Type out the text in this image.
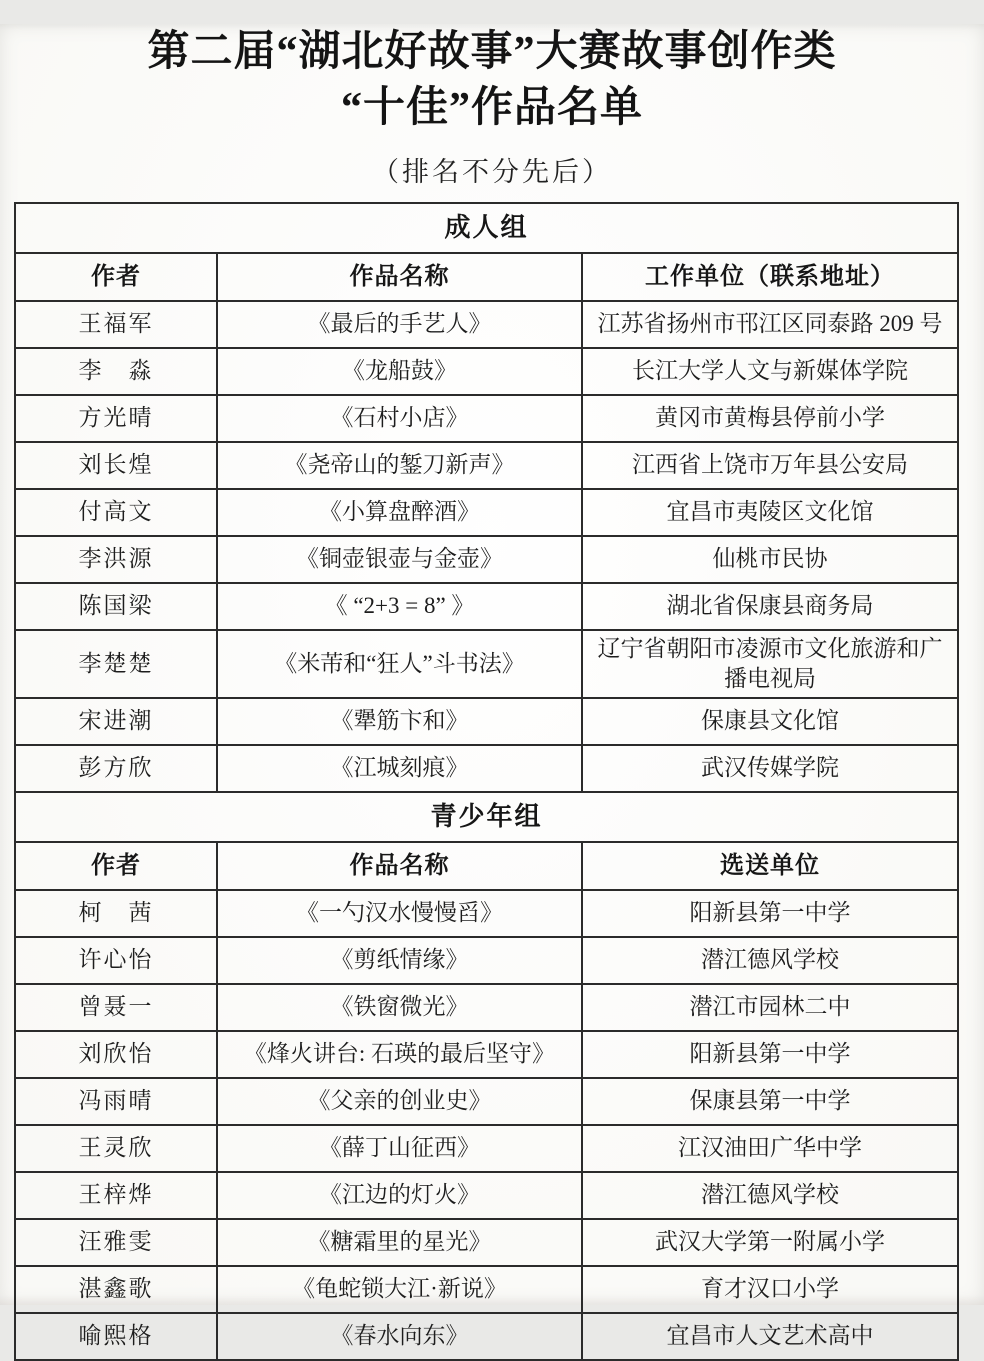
第二届“湖北好故事”大赛故事创作类
“十佳”作品名单
（排名不分先后）
成人组		
作者	作品名称	工作单位（联系地址）
王福军	《最后的手艺人》	江苏省扬州市邗江区同泰路 209 号
李　淼	《龙船鼓》	长江大学人文与新媒体学院
方光晴	《石村小店》	黄冈市黄梅县停前小学
刘长煌	《尧帝山的錾刀新声》	江西省上饶市万年县公安局
付高文	《小算盘醉酒》	宜昌市夷陵区文化馆
李洪源	《铜壶银壶与金壶》	仙桃市民协
陈国梁	《 “2+3 = 8” 》	湖北省保康县商务局
李楚楚	《米芾和“狂人”斗书法》	辽宁省朝阳市凌源市文化旅游和广播电视局
宋进潮	《犟筋卞和》	保康县文化馆
彭方欣	《江城刻痕》	武汉传媒学院
青少年组		
作者	作品名称	选送单位
柯　茜	《一勺汉水慢慢舀》	阳新县第一中学
许心怡	《剪纸情缘》	潜江德风学校
曾聂一	《铁窗微光》	潜江市园林二中
刘欣怡	《烽火讲台: 石瑛的最后坚守》	阳新县第一中学
冯雨晴	《父亲的创业史》	保康县第一中学
王灵欣	《薛丁山征西》	江汉油田广华中学
王梓烨	《江边的灯火》	潜江德风学校
汪雅雯	《糖霜里的星光》	武汉大学第一附属小学
湛鑫歌	《龟蛇锁大江·新说》	育才汉口小学
喻熙格	《春水向东》	宜昌市人文艺术高中
